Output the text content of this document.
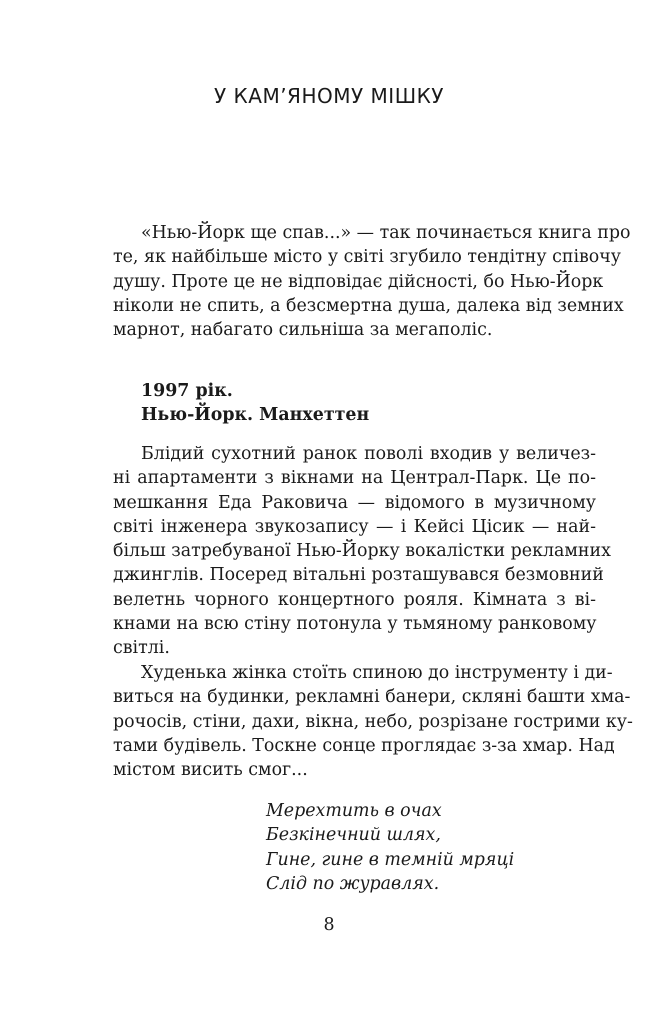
У КАМ’ЯНОМУ МІШКУ
«Нью-Йорк ще спав...» — так починається книга про
те, як найбільше місто у світі згубило тендітну співочу
душу. Проте це не відповідає дійсності, бо Нью-Йорк
ніколи не спить, а безсмертна душа, далека від земних
марнот, набагато сильніша за мегаполіс.
1997 рік.
Нью-Йорк. Манхеттен
Блідий сухотний ранок поволі входив у величез-
ні апартаменти з вікнами на Централ-Парк. Це по-
мешкання Еда Раковича — відомого в музичному
світі інженера звукозапису — і Кейсі Цісик — най-
більш затребуваної Нью-Йорку вокалістки рекламних
джинглів. Посеред вітальні розташувався безмовний
велетнь чорного концертного рояля. Кімната з ві-
кнами на всю стіну потонула у тьмяному ранковому
світлі.
Худенька жінка стоїть спиною до інструменту і ди-
виться на будинки, рекламні банери, скляні башти хма-
рочосів, стіни, дахи, вікна, небо, розрізане гострими ку-
тами будівель. Тоскне сонце проглядає з-за хмар. Над
містом висить смог...
Мерехтить в очах
Безкінечний шлях,
Гине, гине в темній мряці
Слід по журавлях.
8
